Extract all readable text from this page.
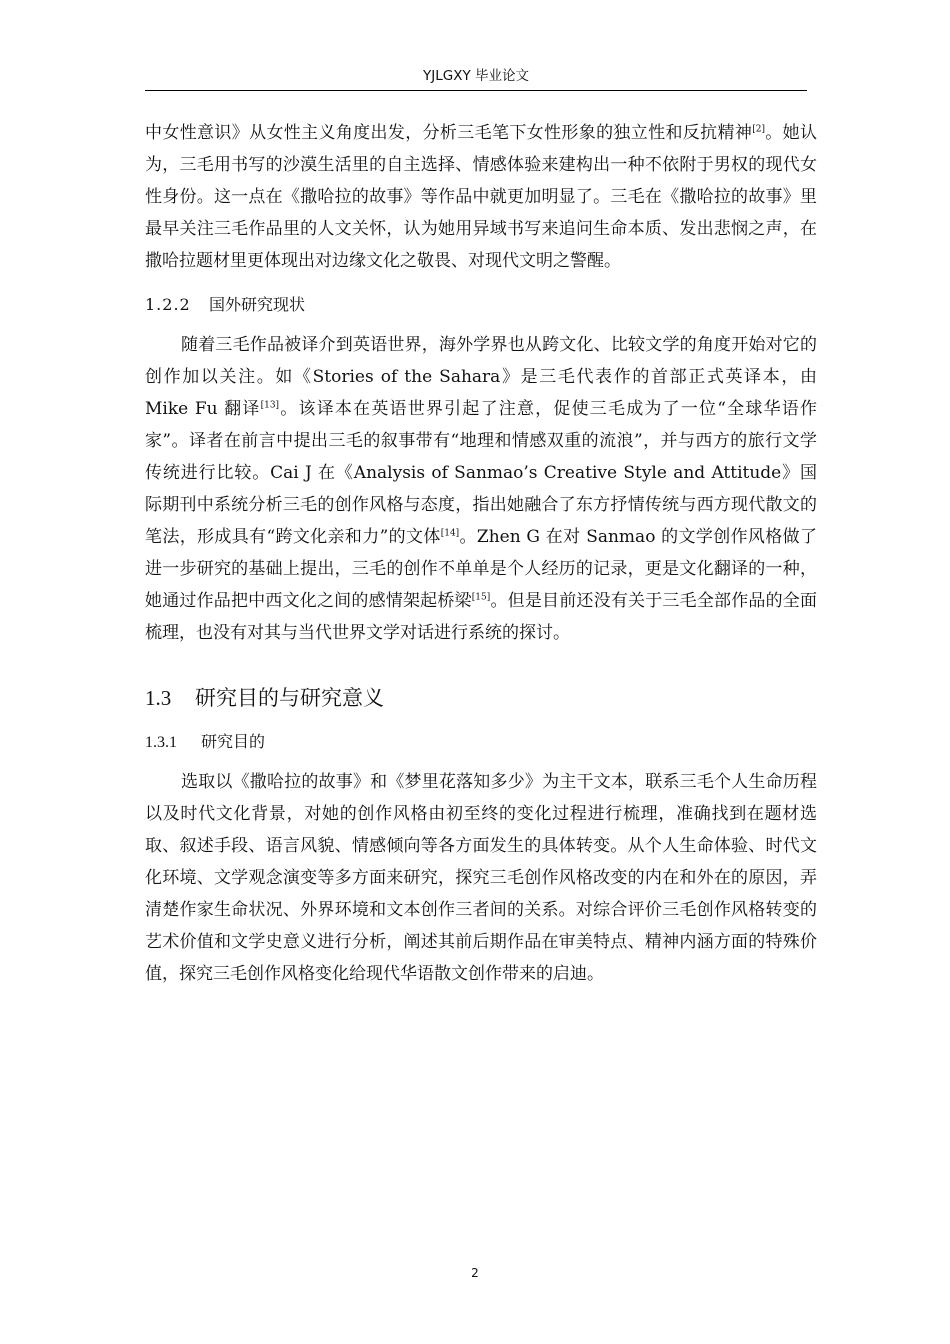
YJLGXY 毕业论文

中女性意识》从女性主义角度出发，分析三毛笔下女性形象的独立性和反抗精神[2]。她认为，三毛用书写的沙漠生活里的自主选择、情感体验来建构出一种不依附于男权的现代女性身份。这一点在《撒哈拉的故事》等作品中就更加明显了。三毛在《撒哈拉的故事》里最早关注三毛作品里的人文关怀，认为她用异域书写来追问生命本质、发出悲悯之声，在撒哈拉题材里更体现出对边缘文化之敬畏、对现代文明之警醒。

1.2.2 国外研究现状

随着三毛作品被译介到英语世界，海外学界也从跨文化、比较文学的角度开始对它的创作加以关注。如《Stories of the Sahara》是三毛代表作的首部正式英译本，由 Mike Fu 翻译[13]。该译本在英语世界引起了注意，促使三毛成为了一位“全球华语作家”。译者在前言中提出三毛的叙事带有“地理和情感双重的流浪”，并与西方的旅行文学传统进行比较。Cai J 在《Analysis of Sanmao’s Creative Style and Attitude》国际期刊中系统分析三毛的创作风格与态度，指出她融合了东方抒情传统与西方现代散文的笔法，形成具有“跨文化亲和力”的文体[14]。Zhen G 在对 Sanmao 的文学创作风格做了进一步研究的基础上提出，三毛的创作不单单是个人经历的记录，更是文化翻译的一种，她通过作品把中西文化之间的感情架起桥梁[15]。但是目前还没有关于三毛全部作品的全面梳理，也没有对其与当代世界文学对话进行系统的探讨。

1.3 研究目的与研究意义
1.3.1 研究目的

选取以《撒哈拉的故事》和《梦里花落知多少》为主干文本，联系三毛个人生命历程以及时代文化背景，对她的创作风格由初至终的变化过程进行梳理，准确找到在题材选取、叙述手段、语言风貌、情感倾向等各方面发生的具体转变。从个人生命体验、时代文化环境、文学观念演变等多方面来研究，探究三毛创作风格改变的内在和外在的原因，弄清楚作家生命状况、外界环境和文本创作三者间的关系。对综合评价三毛创作风格转变的艺术价值和文学史意义进行分析，阐述其前后期作品在审美特点、精神内涵方面的特殊价值，探究三毛创作风格变化给现代华语散文创作带来的启迪。

2
